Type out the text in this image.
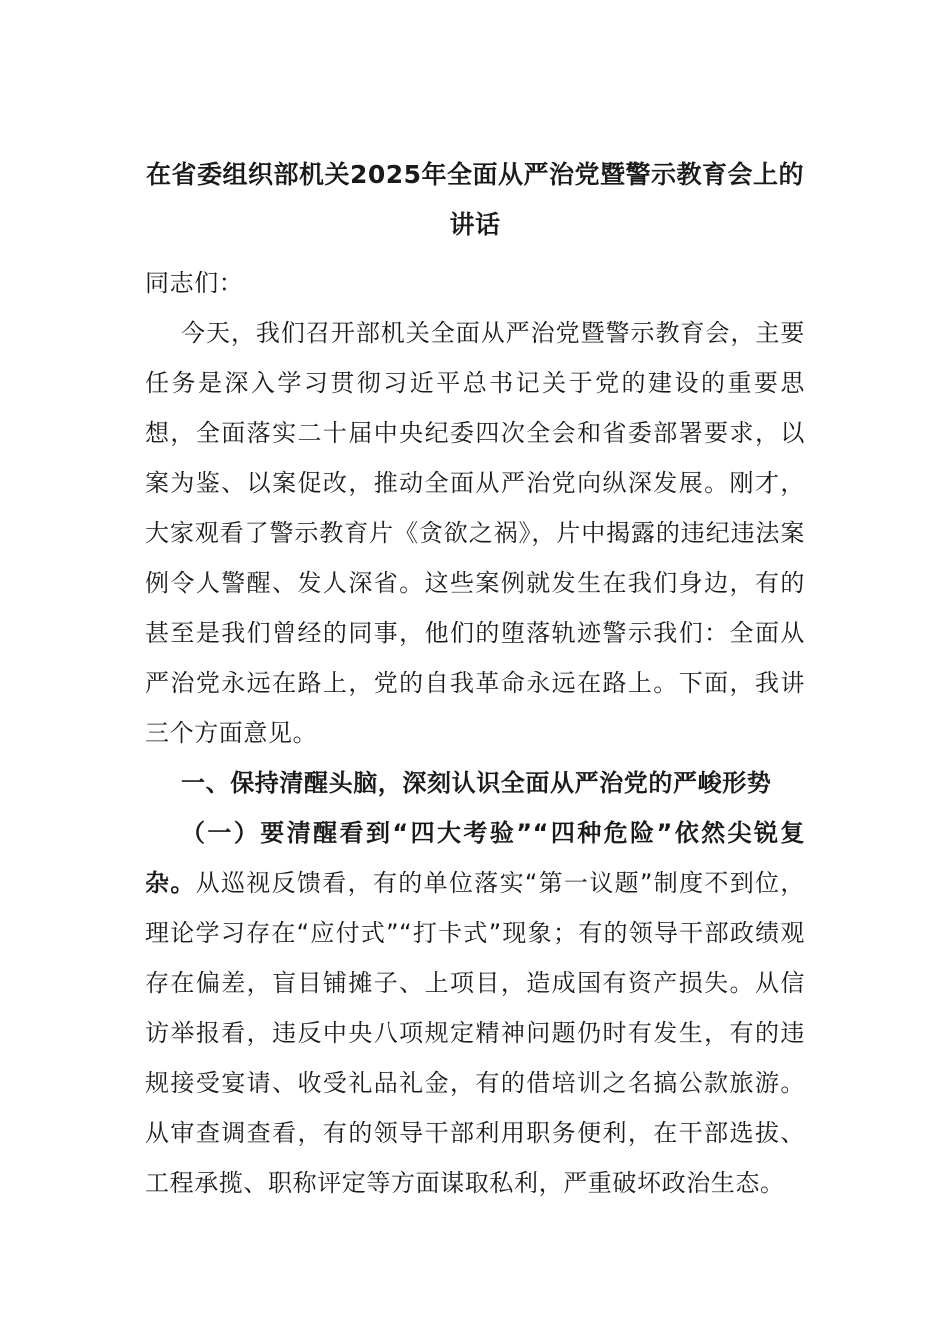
在省委组织部机关2025年全面从严治党暨警示教育会上的讲话

同志们：

今天，我们召开部机关全面从严治党暨警示教育会，主要任务是深入学习贯彻习近平总书记关于党的建设的重要思想，全面落实二十届中央纪委四次全会和省委部署要求，以案为鉴、以案促改，推动全面从严治党向纵深发展。刚才，大家观看了警示教育片《贪欲之祸》，片中揭露的违纪违法案例令人警醒、发人深省。这些案例就发生在我们身边，有的甚至是我们曾经的同事，他们的堕落轨迹警示我们：全面从严治党永远在路上，党的自我革命永远在路上。下面，我讲三个方面意见。

一、保持清醒头脑，深刻认识全面从严治党的严峻形势

（一）要清醒看到“四大考验”“四种危险”依然尖锐复杂。从巡视反馈看，有的单位落实“第一议题”制度不到位，理论学习存在“应付式”“打卡式”现象；有的领导干部政绩观存在偏差，盲目铺摊子、上项目，造成国有资产损失。从信访举报看，违反中央八项规定精神问题仍时有发生，有的违规接受宴请、收受礼品礼金，有的借培训之名搞公款旅游。从审查调查看，有的领导干部利用职务便利，在干部选拔、工程承揽、职称评定等方面谋取私利，严重破坏政治生态。
